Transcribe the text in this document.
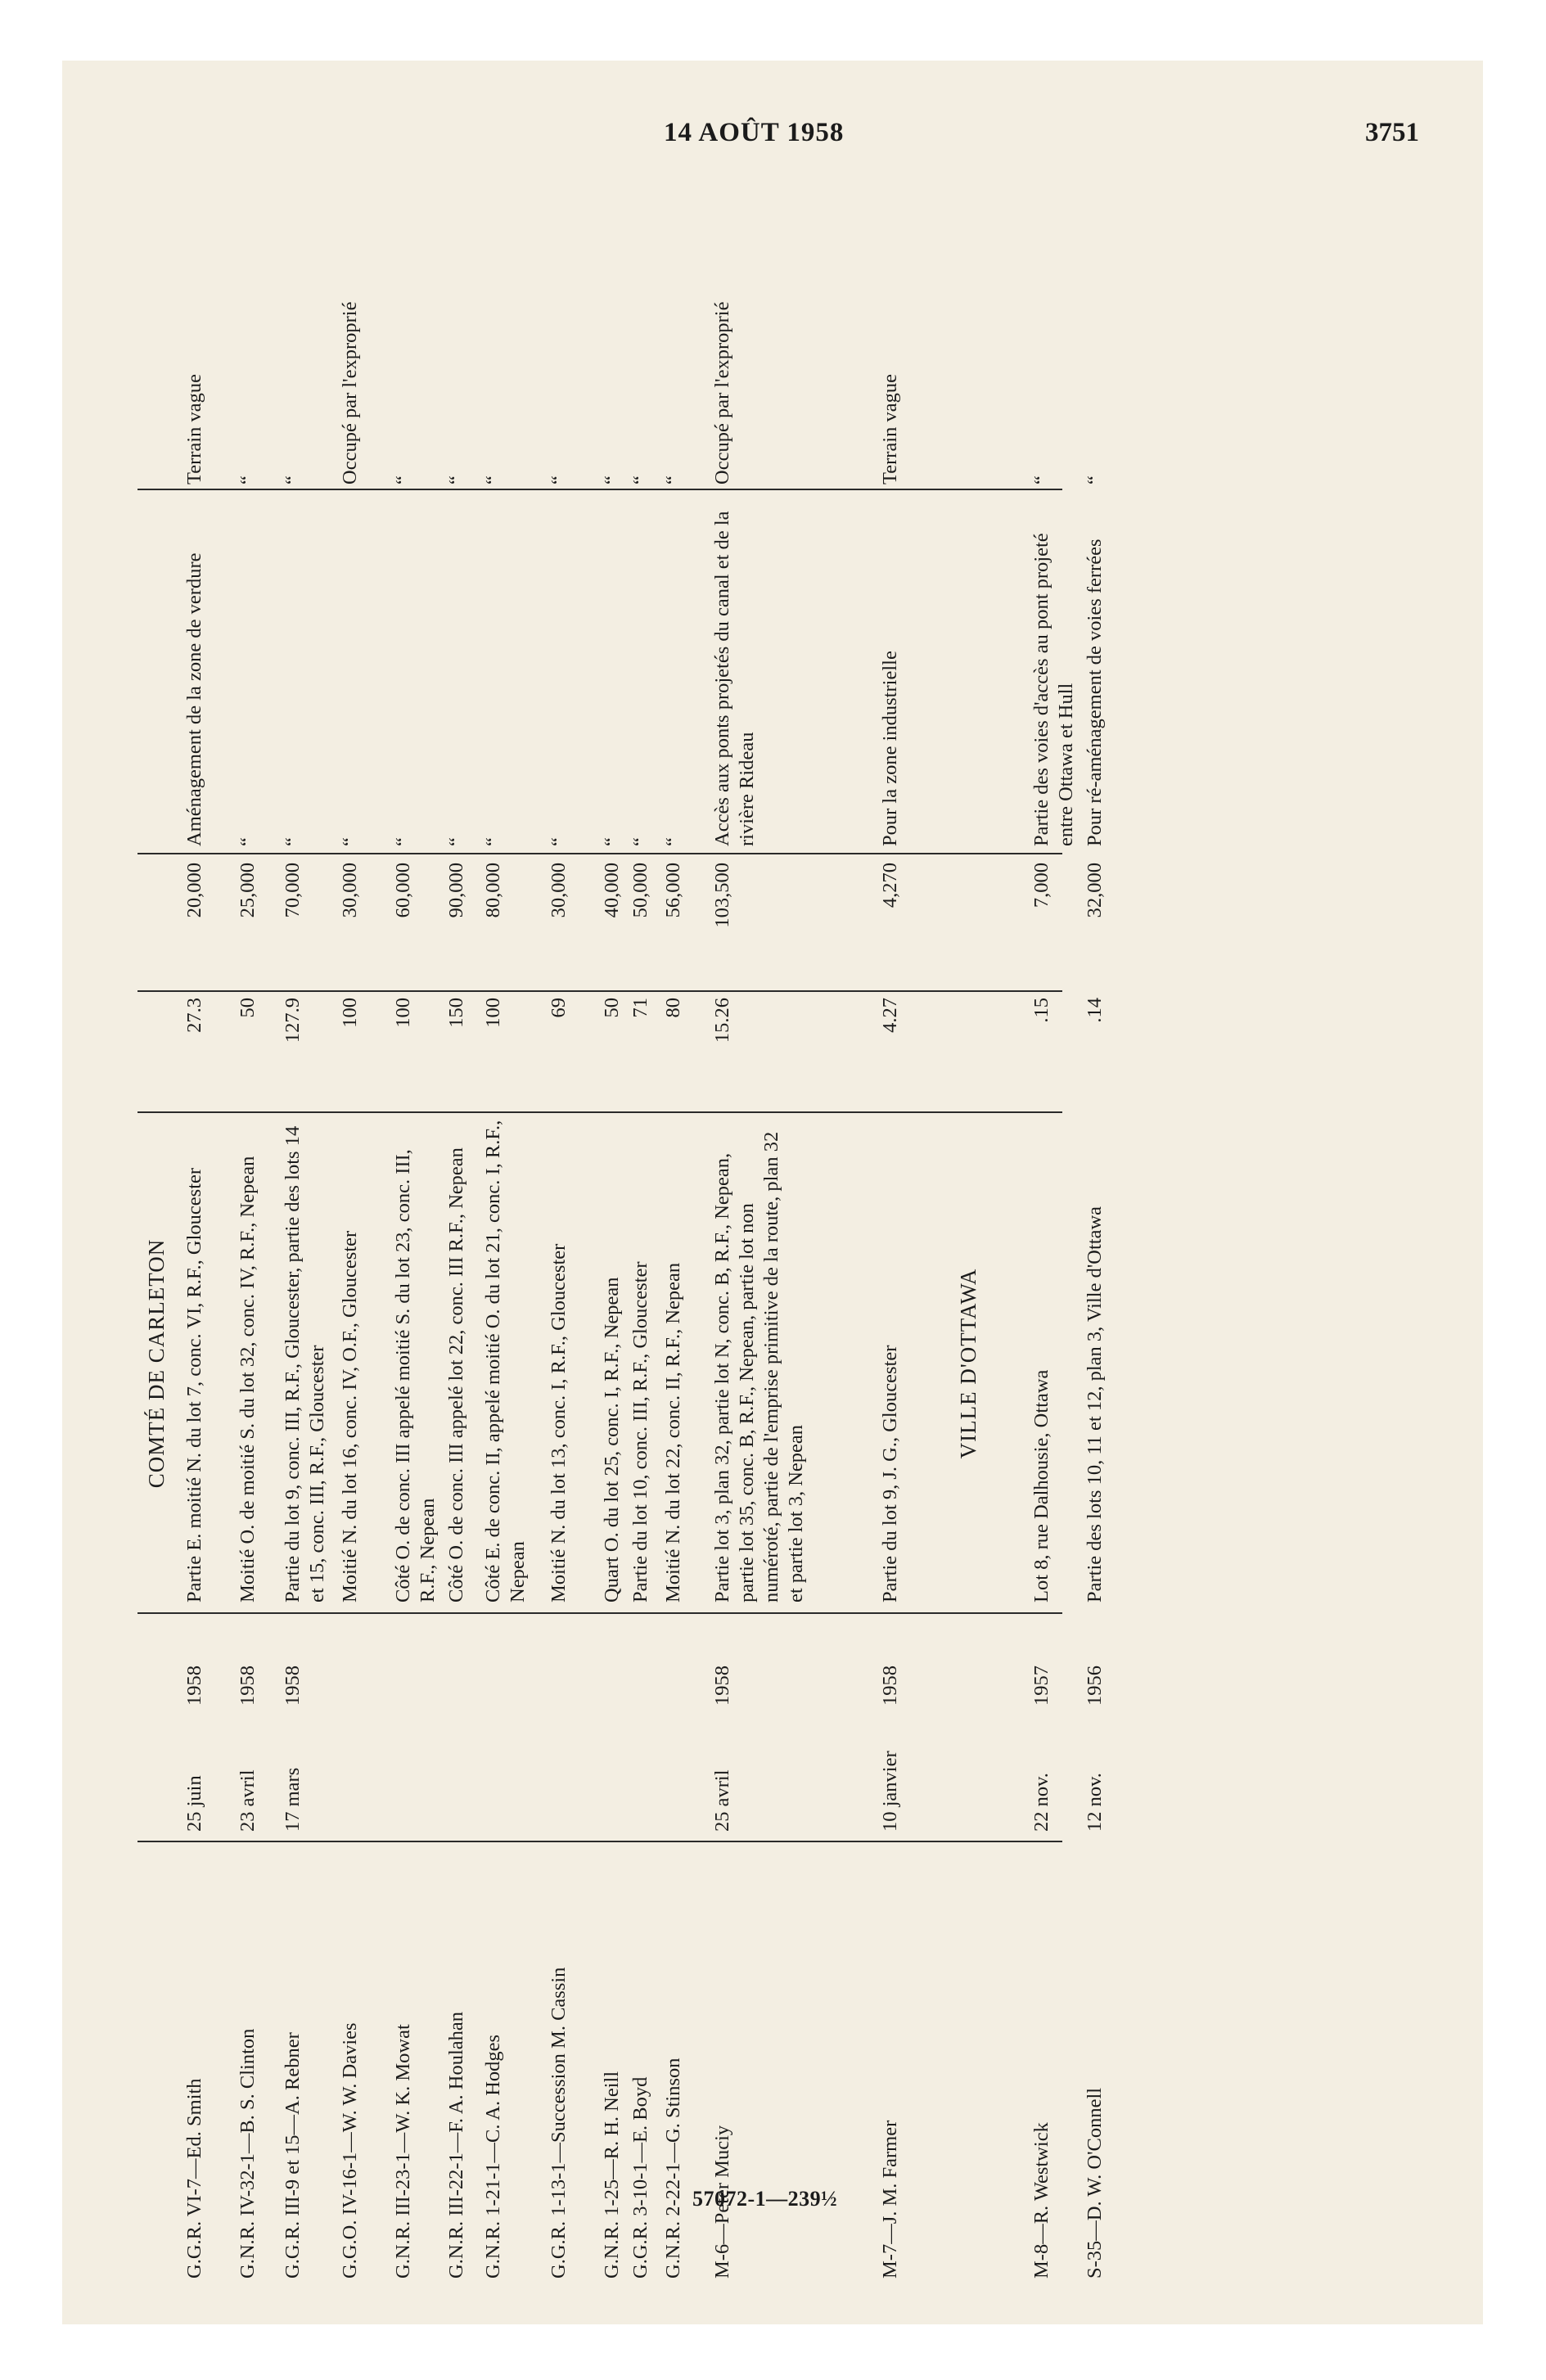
14 AOÛT 1958	3751
COMTÉ DE CARLETON	VILLE D'OTTAWA
G.G.R. VI-7—Ed. Smith
25 juin
1958
Partie E. moitié N. du lot 7, conc. VI, R.F., Gloucester
27.3
20,000
Aménagement de la zone de verdure
Terrain vague
G.N.R. IV-32-1—B. S. Clinton
23 avril
1958
Moitié O. de moitié S. du lot 32, conc. IV, R.F., Nepean
50
25,000
“
“
G.G.R. III-9 et 15—A. Rebner
17 mars
1958
Partie du lot 9, conc. III, R.F., Gloucester, partie des lots 14 et 15, conc. III, R.F., Gloucester
127.9
70,000
“
“
G.G.O. IV-16-1—W. W. Davies
Moitié N. du lot 16, conc. IV, O.F., Gloucester
100
30,000
“
Occupé par l'exproprié
G.N.R. III-23-1—W. K. Mowat
Côté O. de conc. III appelé moitié S. du lot 23, conc. III, R.F., Nepean
100
60,000
“
“
G.N.R. III-22-1—F. A. Houlahan
Côté O. de conc. III appelé lot 22, conc. III R.F., Nepean
150
90,000
“
“
G.N.R. 1-21-1—C. A. Hodges
Côté E. de conc. II, appelé moitié O. du lot 21, conc. I, R.F., Nepean
100
80,000
“
“
G.G.R. 1-13-1—Succession M. Cassin
Moitié N. du lot 13, conc. I, R.F., Gloucester
69
30,000
“
“
G.N.R. 1-25—R. H. Neill
Quart O. du lot 25, conc. I, R.F., Nepean
50
40,000
“
“
G.G.R. 3-10-1—E. Boyd
Partie du lot 10, conc. III, R.F., Gloucester
71
50,000
“
“
G.N.R. 2-22-1—G. Stinson
Moitié N. du lot 22, conc. II, R.F., Nepean
80
56,000
“
“
M-6—Peter Muciy
25 avril
1958
Partie lot 3, plan 32, partie lot N, conc. B, R.F., Nepean, partie lot 35, conc. B, R.F., Nepean, partie lot non numéroté, partie de l'emprise primitive de la route, plan 32 et partie lot 3, Nepean
15.26
103,500
Accès aux ponts projetés du canal et de la rivière Rideau
Occupé par l'exproprié
M-7—J. M. Farmer
10 janvier
1958
Partie du lot 9, J. G., Gloucester
4.27
4,270
Pour la zone industrielle
Terrain vague
M-8—R. Westwick
22 nov.
1957
Lot 8, rue Dalhousie, Ottawa
.15
7,000
Partie des voies d'accès au pont projeté entre Ottawa et Hull
“
S-35—D. W. O'Connell
12 nov.
1956
Partie des lots 10, 11 et 12, plan 3, Ville d'Ottawa
.14
32,000
Pour ré-aménagement de voies ferrées
“
57072-1—239½
